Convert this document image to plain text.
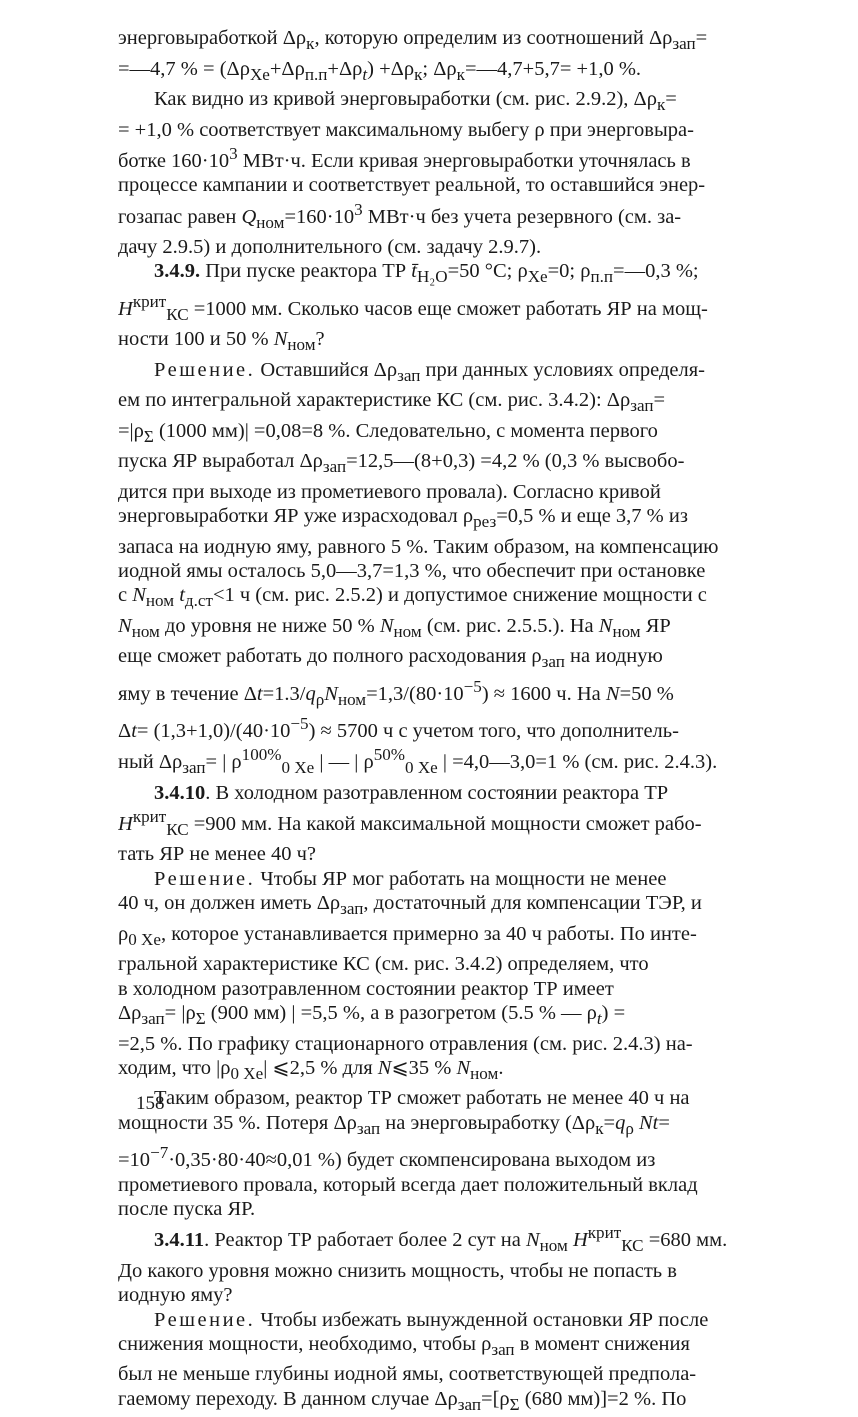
энерговыработкой $\Delta\rho_к$, которую определим из соотношений $\Delta\rho_{зап}=$
=—4,7 % = $(\Delta\rho_{Xe}+\Delta\rho_{п.п}+\Delta\rho_t) +\Delta\rho_к$; $\Delta\rho_к=—4,7+5,7= +1,0$ %.
Как видно из кривой энерговыработки (см. рис. 2.9.2), $\Delta\rho_к=$
= +1,0 % соответствует максимальному выбегу ρ при энерговыра-
ботке $160\cdot 10^3$ МВт·ч. Если кривая энерговыработки уточнялась в
процессе кампании и соответствует реальной, то оставшийся энер-
гозапас равен $Q_{ном}=160\cdot 10^3$ МВт·ч без учета резервного (см. за-
дачу 2.9.5) и дополнительного (см. задачу 2.9.7).
3.4.9. При пуске реактора ТР $t̄_{H_2O}=50$ °С; $\rho_{Xe}=0$; $\rho_{п.п}=—0,3$ %;
$H^{крит}_{КС} =1000$ мм. Сколько часов еще сможет работать ЯР на мощ-
ности 100 и 50 % $N_{ном}$?
Решение. Оставшийся $\Delta\rho_{зап}$ при данных условиях определя-
ем по интегральной характеристике КС (см. рис. 3.4.2): $\Delta\rho_{зап}=$
$=|\rho_\Sigma$ (1000 мм)| =0,08=8 %. Следовательно, с момента первого
пуска ЯР выработал $\Delta\rho_{зап}=12,5—(8+0,3) =4,2$ % (0,3 % высвобо-
дится при выходе из прометиевого провала). Согласно кривой
энерговыработки ЯР уже израсходовал $\rho_{рез}=0,5$ % и еще 3,7 % из
запаса на иодную яму, равного 5 %. Таким образом, на компенсацию
иодной ямы осталось 5,0—3,7=1,3 %, что обеспечит при остановке
с $N_{ном}$ $t_{д.ст}<1$ ч (см. рис. 2.5.2) и допустимое снижение мощности с
$N_{ном}$ до уровня не ниже 50 % $N_{ном}$ (см. рис. 2.5.5.). На $N_{ном}$ ЯР
еще сможет работать до полного расходования $\rho_{зап}$ на иодную
яму в течение $\Delta t=1.3/q_\rho N_{ном}=1,3/(80\cdot 10^{-5}) \approx 1600$ ч. На N=50 %
$\Delta t= (1,3+1,0)/(40\cdot 10^{-5}) \approx 5700$ ч с учетом того, что дополнитель-
ный $\Delta\rho_{зап}=$ | $\rho^{100\%}_{0 Xe}$ | — | $\rho^{50\%}_{0 Xe}$ | =4,0—3,0=1 % (см. рис. 2.4.3).
3.4.10. В холодном разотравленном состоянии реактора ТР
$H^{крит}_{КС} =900$ мм. На какой максимальной мощности сможет рабо-
тать ЯР не менее 40 ч?
Решение. Чтобы ЯР мог работать на мощности не менее
40 ч, он должен иметь $\Delta\rho_{зап}$, достаточный для компенсации ТЭР, и
$\rho_{0 Xe}$, которое устанавливается примерно за 40 ч работы. По инте-
гральной характеристике КС (см. рис. 3.4.2) определяем, что
в холодном разотравленном состоянии реактор ТР имеет
$\Delta\rho_{зап}= |\rho_\Sigma$ (900 мм) | =5,5 %, а в разогретом (5.5 % — $\rho_t$) =
=2,5 %. По графику стационарного отравления (см. рис. 2.4.3) на-
ходим, что $|\rho_{0 Xe}|$ ⩽2,5 % для N⩽35 % $N_{ном}$.
Таким образом, реактор ТР сможет работать не менее 40 ч на
мощности 35 %. Потеря $\Delta\rho_{зап}$ на энерговыработку ($\Delta\rho_к=q_\rho$ Nt=
$=10^{-7}\cdot 0,35\cdot 80\cdot 40\approx 0,01$ %) будет скомпенсирована выходом из
прометиевого провала, который всегда дает положительный вклад
после пуска ЯР.
3.4.11. Реактор ТР работает более 2 сут на $N_{ном}$ $H^{крит}_{КС} =680$ мм.
До какого уровня можно снизить мощность, чтобы не попасть в
иодную яму?
Решение. Чтобы избежать вынужденной остановки ЯР после
снижения мощности, необходимо, чтобы $\rho_{зап}$ в момент снижения
был не меньше глубины иодной ямы, соответствующей предпола-
гаемому переходу. В данном случае $\Delta\rho_{зап}=[\rho_\Sigma$ (680 мм)]=2 %. По
158
